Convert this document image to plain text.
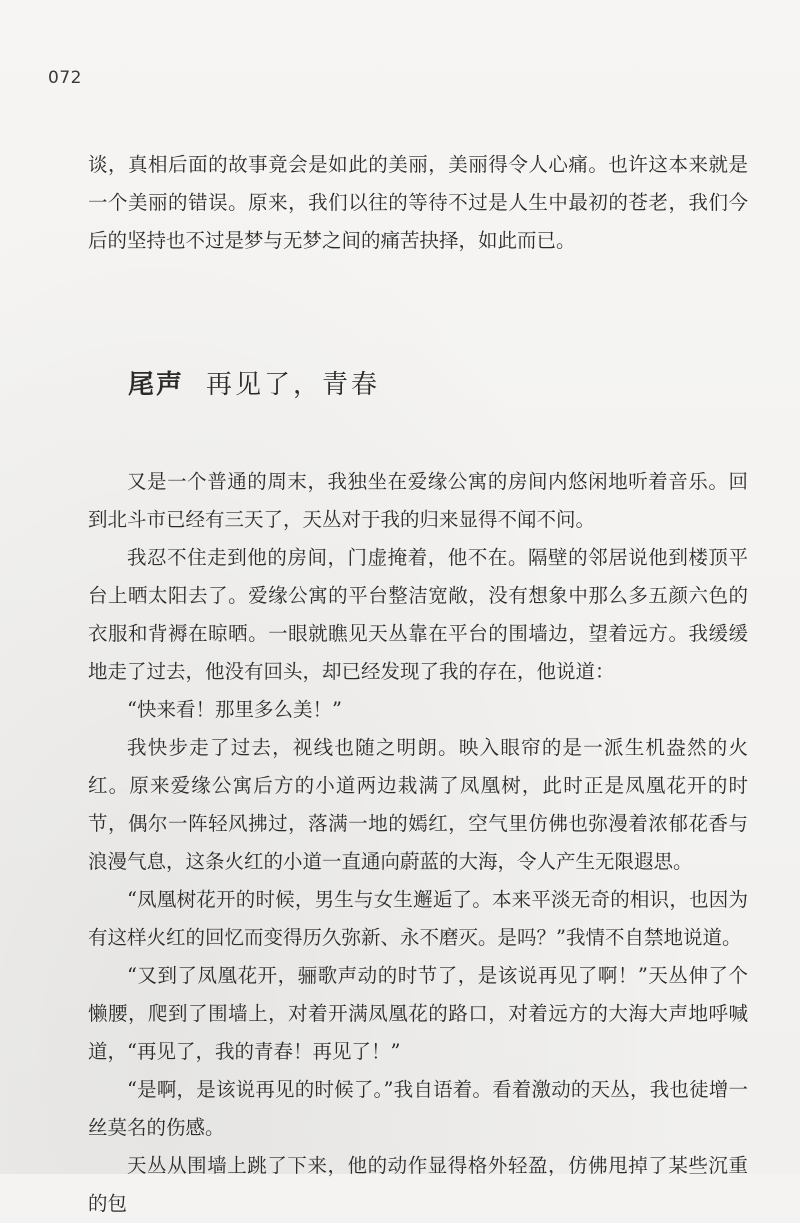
072

谈，真相后面的故事竟会是如此的美丽，美丽得令人心痛。也许这本来就是一个美丽的错误。原来，我们以往的等待不过是人生中最初的苍老，我们今后的坚持也不过是梦与无梦之间的痛苦抉择，如此而已。

尾声 再见了，青春

又是一个普通的周末，我独坐在爱缘公寓的房间内悠闲地听着音乐。回到北斗市已经有三天了，天丛对于我的归来显得不闻不问。

我忍不住走到他的房间，门虚掩着，他不在。隔壁的邻居说他到楼顶平台上晒太阳去了。爱缘公寓的平台整洁宽敞，没有想象中那么多五颜六色的衣服和背褥在晾晒。一眼就瞧见天丛靠在平台的围墙边，望着远方。我缓缓地走了过去，他没有回头，却已经发现了我的存在，他说道：

“快来看！那里多么美！”

我快步走了过去，视线也随之明朗。映入眼帘的是一派生机盎然的火红。原来爱缘公寓后方的小道两边栽满了凤凰树，此时正是凤凰花开的时节，偶尔一阵轻风拂过，落满一地的嫣红，空气里仿佛也弥漫着浓郁花香与浪漫气息，这条火红的小道一直通向蔚蓝的大海，令人产生无限遐思。

“凤凰树花开的时候，男生与女生邂逅了。本来平淡无奇的相识，也因为有这样火红的回忆而变得历久弥新、永不磨灭。是吗？”我情不自禁地说道。

“又到了凤凰花开，骊歌声动的时节了，是该说再见了啊！”天丛伸了个懒腰，爬到了围墙上，对着开满凤凰花的路口，对着远方的大海大声地呼喊道，“再见了，我的青春！再见了！”

“是啊，是该说再见的时候了。”我自语着。看着激动的天丛，我也徒增一丝莫名的伤感。

天丛从围墙上跳了下来，他的动作显得格外轻盈，仿佛甩掉了某些沉重的包
